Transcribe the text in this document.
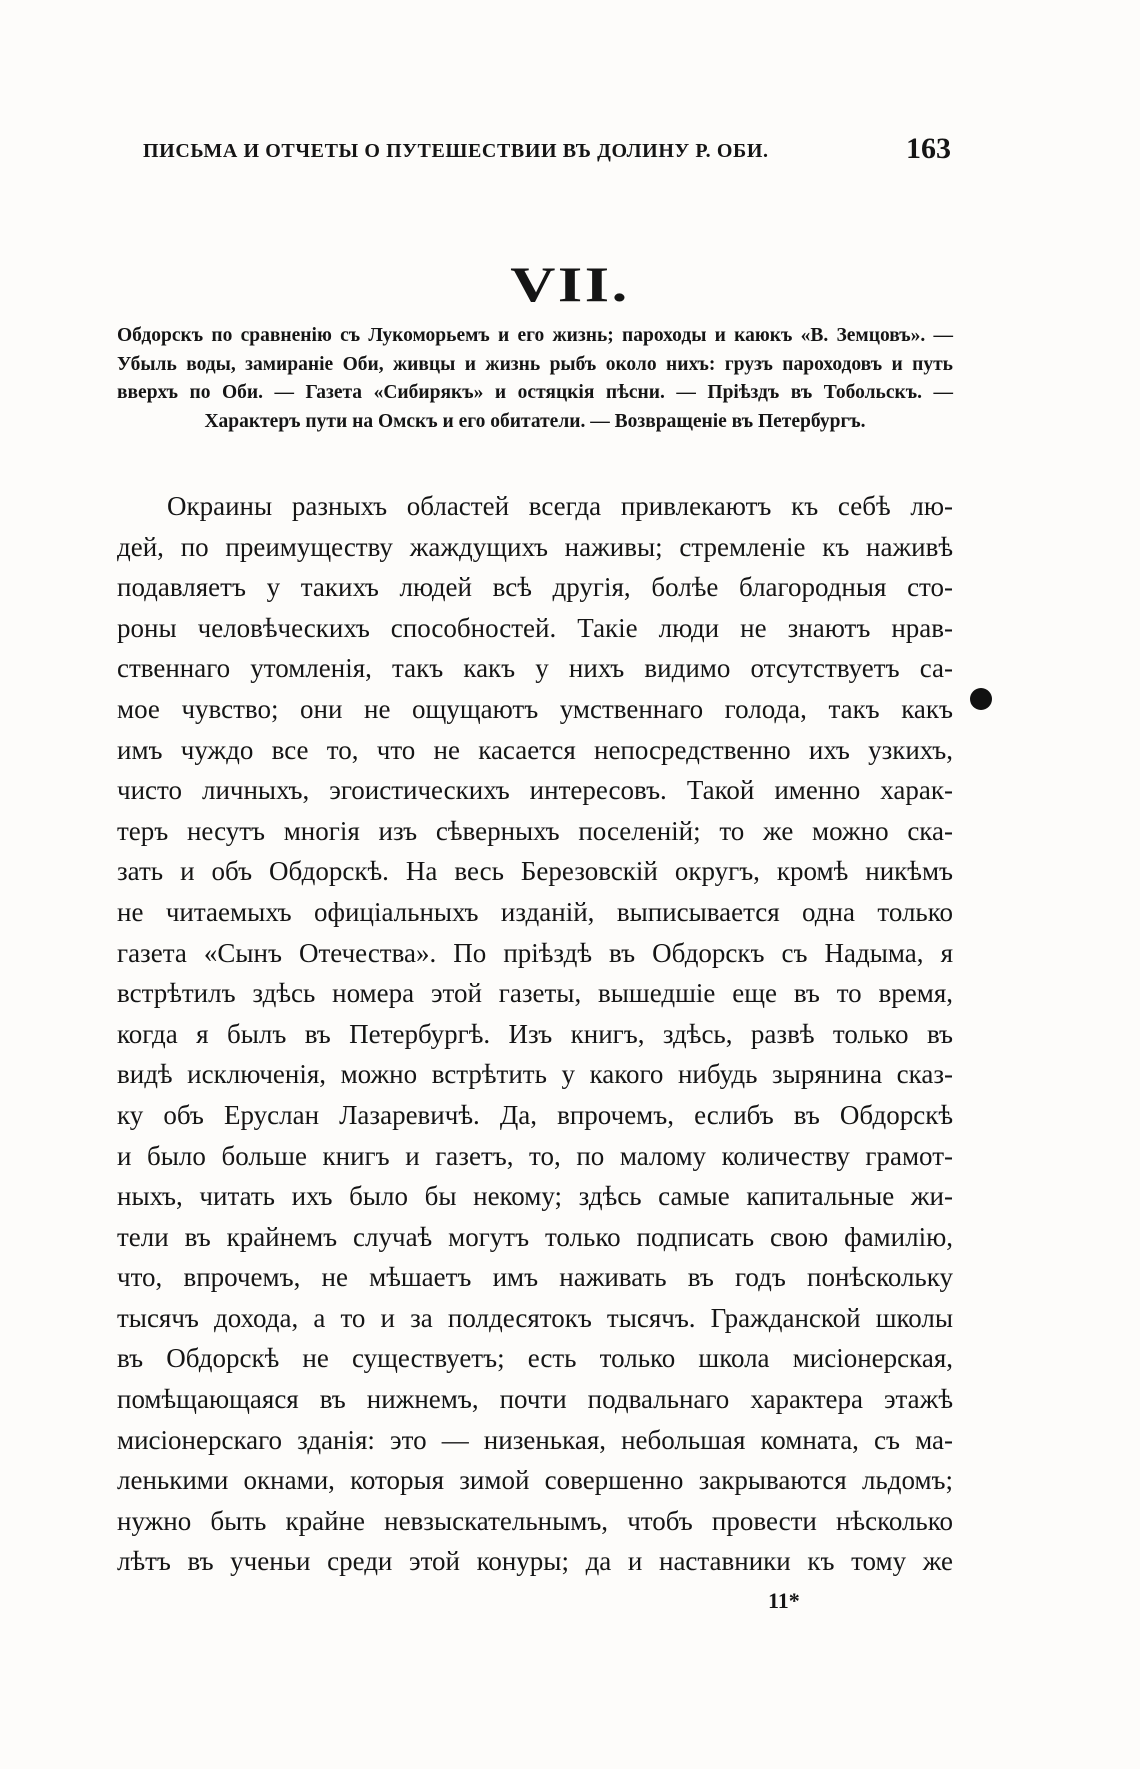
ПИСЬМА И ОТЧЕТЫ О ПУТЕШЕСТВИИ ВЪ ДОЛИНУ Р. ОБИ.	163
VII.
Обдорскъ по сравненію съ Лукоморьемъ и его жизнь; пароходы и каюкъ «В. Земцовъ». — Убыль воды, замираніе Оби, живцы и жизнь рыбъ около нихъ: грузъ пароходовъ и путь вверхъ по Оби. — Газета «Сибирякъ» и остяцкія пѣсни. — Пріѣздъ въ Тобольскъ. — Характеръ пути на Омскъ и его обитатели. — Возвращеніе въ Петербургъ.
Окраины разныхъ областей всегда привлекаютъ къ себѣ лю-
дей, по преимуществу жаждущихъ наживы; стремленіе къ наживѣ
подавляетъ у такихъ людей всѣ другія, болѣе благородныя сто-
роны человѣческихъ способностей. Такіе люди не знаютъ нрав-
ственнаго утомленія, такъ какъ у нихъ видимо отсутствуетъ са-
мое чувство; они не ощущаютъ умственнаго голода, такъ какъ
имъ чуждо все то, что не касается непосредственно ихъ узкихъ,
чисто личныхъ, эгоистическихъ интересовъ. Такой именно харак-
теръ несутъ многія изъ сѣверныхъ поселеній; то же можно ска-
зать и объ Обдорскѣ. На весь Березовскій округъ, кромѣ никѣмъ
не читаемыхъ офиціальныхъ изданій, выписывается одна только
газета «Сынъ Отечества». По пріѣздѣ въ Обдорскъ съ Надыма, я
встрѣтилъ здѣсь номера этой газеты, вышедшіе еще въ то время,
когда я былъ въ Петербургѣ. Изъ книгъ, здѣсь, развѣ только въ
видѣ исключенія, можно встрѣтить у какого нибудь зырянина сказ-
ку объ Еруслан Лазаревичѣ. Да, впрочемъ, еслибъ въ Обдорскѣ
и было больше книгъ и газетъ, то, по малому количеству грамот-
ныхъ, читать ихъ было бы некому; здѣсь самые капитальные жи-
тели въ крайнемъ случаѣ могутъ только подписать свою фамилію,
что, впрочемъ, не мѣшаетъ имъ наживать въ годъ понѣскольку
тысячъ дохода, а то и за полдесятокъ тысячъ. Гражданской школы
въ Обдорскѣ не существуетъ; есть только школа мисіонерская,
помѣщающаяся въ нижнемъ, почти подвальнаго характера этажѣ
мисіонерскаго зданія: это — низенькая, небольшая комната, съ ма-
ленькими окнами, которыя зимой совершенно закрываются льдомъ;
нужно быть крайне невзыскательнымъ, чтобъ провести нѣсколько
лѣтъ въ ученьи среди этой конуры; да и наставники къ тому же
11*
